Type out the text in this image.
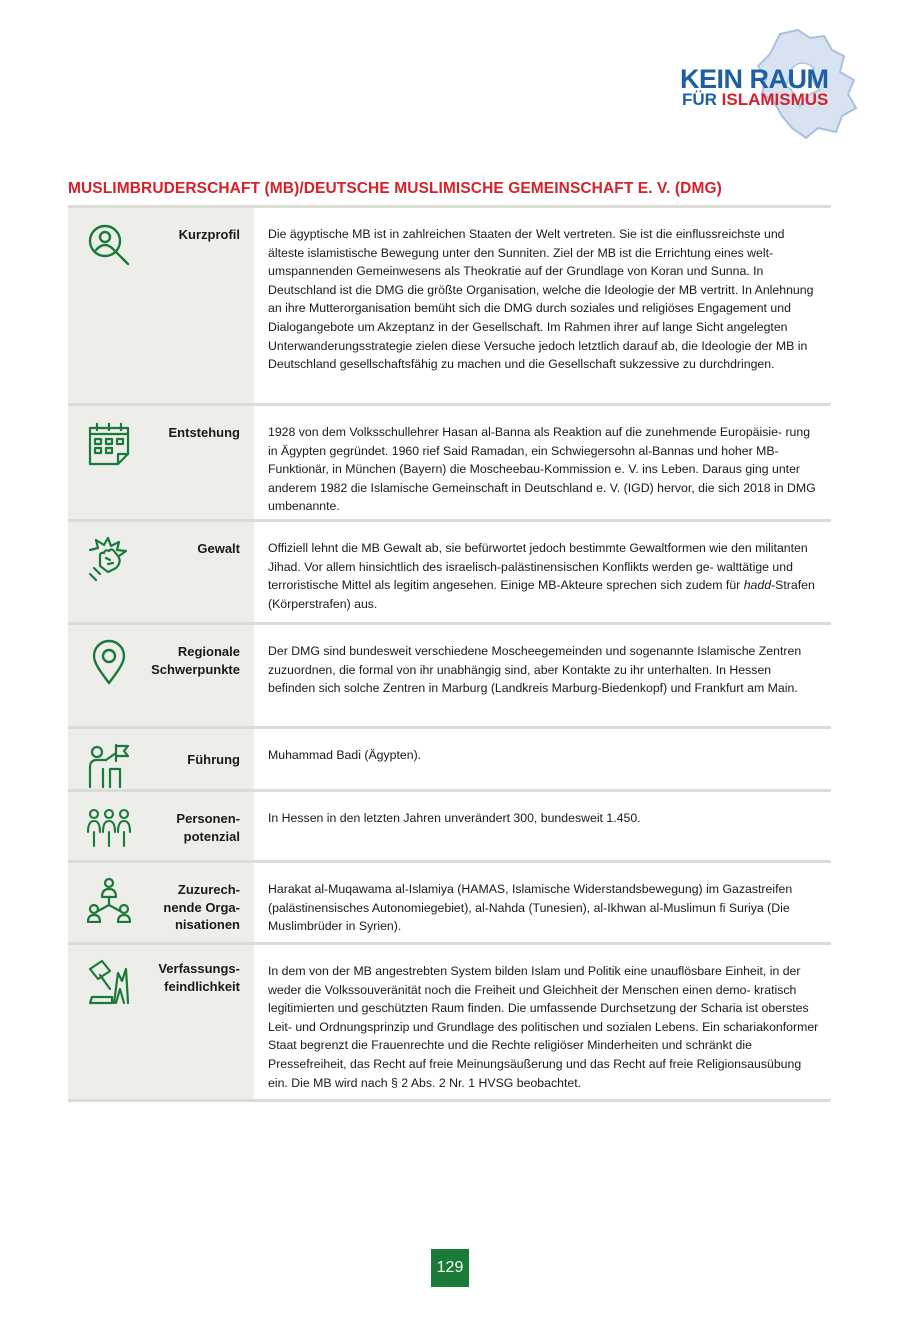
KEIN RAUM
FÜR ISLAMISMUS
MUSLIMBRUDERSCHAFT (MB)/DEUTSCHE MUSLIMISCHE GEMEINSCHAFT E. V. (DMG)
Kurzprofil Die ägyptische MB ist in zahlreichen Staaten der Welt vertreten. Sie ist die einflussreichste und älteste islamistische Bewegung unter den Sunniten. Ziel der MB ist die Errichtung eines welt- umspannenden Gemeinwesens als Theokratie auf der Grundlage von Koran und Sunna. In Deutschland ist die DMG die größte Organisation, welche die Ideologie der MB vertritt. In Anlehnung an ihre Mutterorganisation bemüht sich die DMG durch soziales und religiöses Engagement und Dialogangebote um Akzeptanz in der Gesellschaft. Im Rahmen ihrer auf lange Sicht angelegten Unterwanderungsstrategie zielen diese Versuche jedoch letztlich darauf ab, die Ideologie der MB in Deutschland gesellschaftsfähig zu machen und die Gesellschaft sukzessive zu durchdringen.

Entstehung 1928 von dem Volksschullehrer Hasan al-Banna als Reaktion auf die zunehmende Europäisie- rung in Ägypten gegründet. 1960 rief Said Ramadan, ein Schwiegersohn al-Bannas und hoher MB-Funktionär, in München (Bayern) die Moscheebau-Kommission e. V. ins Leben. Daraus ging unter anderem 1982 die Islamische Gemeinschaft in Deutschland e. V. (IGD) hervor, die sich 2018 in DMG umbenannte.

Gewalt Offiziell lehnt die MB Gewalt ab, sie befürwortet jedoch bestimmte Gewaltformen wie den militanten Jihad. Vor allem hinsichtlich des israelisch-palästinensischen Konflikts werden ge- walttätige und terroristische Mittel als legitim angesehen. Einige MB-Akteure sprechen sich zudem für hadd-Strafen (Körperstrafen) aus.

Regionale
Schwerpunkte

Der DMG sind bundesweit verschiedene Moscheegemeinden und sogenannte Islamische Zentren zuzuordnen, die formal von ihr unabhängig sind, aber Kontakte zu ihr unterhalten. In Hessen befinden sich solche Zentren in Marburg (Landkreis Marburg-Biedenkopf) und Frankfurt am Main.

Führung Muhammad Badi (Ägypten).

Personen-
potenzial

In Hessen in den letzten Jahren unverändert 300, bundesweit 1.450.

Zuzurech-
nende Orga-
nisationen

Harakat al-Muqawama al-Islamiya (HAMAS, Islamische Widerstandsbewegung) im Gazastreifen (palästinensisches Autonomiegebiet), al-Nahda (Tunesien), al-Ikhwan al-Muslimun fi Suriya (Die Muslimbrüder in Syrien).

Verfassungs-
feindlichkeit

In dem von der MB angestrebten System bilden Islam und Politik eine unauflösbare Einheit, in der weder die Volkssouveränität noch die Freiheit und Gleichheit der Menschen einen demo- kratisch legitimierten und geschützten Raum finden. Die umfassende Durchsetzung der Scharia ist oberstes Leit- und Ordnungsprinzip und Grundlage des politischen und sozialen Lebens. Ein schariakonformer Staat begrenzt die Frauenrechte und die Rechte religiöser Minderheiten und schränkt die Pressefreiheit, das Recht auf freie Meinungsäußerung und das Recht auf freie Religionsausübung ein. Die MB wird nach § 2 Abs. 2 Nr. 1 HVSG beobachtet.

129
